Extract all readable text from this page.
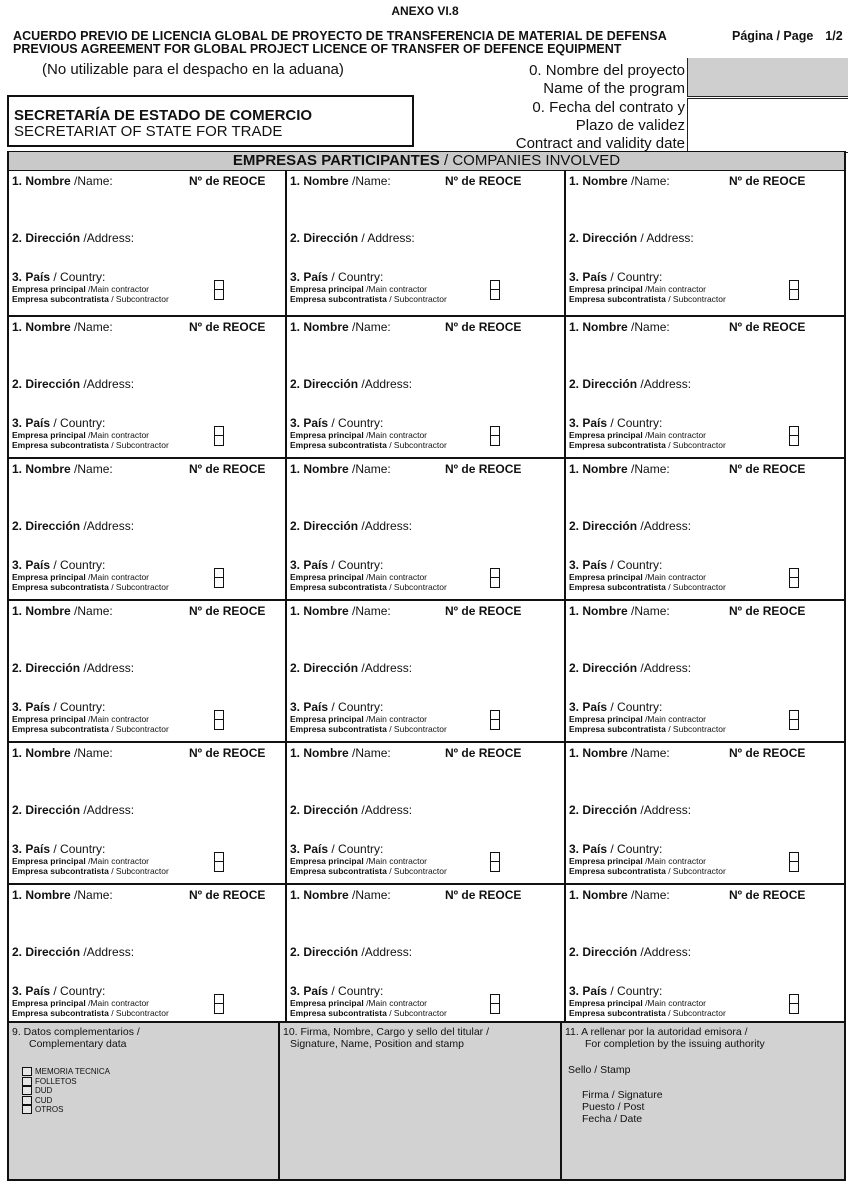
ANEXO VI.8
ACUERDO PREVIO DE LICENCIA GLOBAL DE PROYECTO DE TRANSFERENCIA DE MATERIAL DE DEFENSA
PREVIOUS AGREEMENT FOR GLOBAL PROJECT LICENCE OF TRANSFER OF DEFENCE EQUIPMENT
Página / Page 1/2
(No utilizable para el despacho en la aduana)	0. Nombre del proyecto
Name of the program
0. Fecha del contrato y
Plazo de validez
Contract and validity date
SECRETARÍA DE ESTADO DE COMERCIO
SECRETARIAT OF STATE FOR TRADE
EMPRESAS PARTICIPANTES / COMPANIES INVOLVED
1. Nombre /Name:	Nº de REOCE
2. Dirección /Address:
3. País / Country:
Empresa principal /Main contractor
Empresa subcontratista / Subcontractor
1. Nombre /Name:	Nº de REOCE
2. Dirección / Address:
3. País / Country:
Empresa principal /Main contractor
Empresa subcontratista / Subcontractor
1. Nombre /Name:	Nº de REOCE
2. Dirección / Address:
3. País / Country:
Empresa principal /Main contractor
Empresa subcontratista / Subcontractor
1. Nombre /Name:	Nº de REOCE
2. Dirección /Address:
3. País / Country:
Empresa principal /Main contractor
Empresa subcontratista / Subcontractor
1. Nombre /Name:	Nº de REOCE
2. Dirección /Address:
3. País / Country:
Empresa principal /Main contractor
Empresa subcontratista / Subcontractor
1. Nombre /Name:	Nº de REOCE
2. Dirección /Address:
3. País / Country:
Empresa principal /Main contractor
Empresa subcontratista / Subcontractor
1. Nombre /Name:	Nº de REOCE
2. Dirección /Address:
3. País / Country:
Empresa principal /Main contractor
Empresa subcontratista / Subcontractor
1. Nombre /Name:	Nº de REOCE
2. Dirección /Address:
3. País / Country:
Empresa principal /Main contractor
Empresa subcontratista / Subcontractor
1. Nombre /Name:	Nº de REOCE
2. Dirección /Address:
3. País / Country:
Empresa principal /Main contractor
Empresa subcontratista / Subcontractor
1. Nombre /Name:	Nº de REOCE
2. Dirección /Address:
3. País / Country:
Empresa principal /Main contractor
Empresa subcontratista / Subcontractor
1. Nombre /Name:	Nº de REOCE
2. Dirección /Address:
3. País / Country:
Empresa principal /Main contractor
Empresa subcontratista / Subcontractor
1. Nombre /Name:	Nº de REOCE
2. Dirección /Address:
3. País / Country:
Empresa principal /Main contractor
Empresa subcontratista / Subcontractor
1. Nombre /Name:	Nº de REOCE
2. Dirección /Address:
3. País / Country:
Empresa principal /Main contractor
Empresa subcontratista / Subcontractor
1. Nombre /Name:	Nº de REOCE
2. Dirección /Address:
3. País / Country:
Empresa principal /Main contractor
Empresa subcontratista / Subcontractor
1. Nombre /Name:	Nº de REOCE
2. Dirección /Address:
3. País / Country:
Empresa principal /Main contractor
Empresa subcontratista / Subcontractor
1. Nombre /Name:	Nº de REOCE
2. Dirección /Address:
3. País / Country:
Empresa principal /Main contractor
Empresa subcontratista / Subcontractor
1. Nombre /Name:	Nº de REOCE
2. Dirección /Address:
3. País / Country:
Empresa principal /Main contractor
Empresa subcontratista / Subcontractor
1. Nombre /Name:	Nº de REOCE
2. Dirección /Address:
3. País / Country:
Empresa principal /Main contractor
Empresa subcontratista / Subcontractor
9. Datos complementarios /
Complementary data
MEMORIA TECNICA
FOLLETOS
DUD
CUD
OTROS
10. Firma, Nombre, Cargo y sello del titular /
Signature, Name, Position and stamp
11. A rellenar por la autoridad emisora /
For completion by the issuing authority
Sello / Stamp
Firma / Signature
Puesto / Post
Fecha / Date
